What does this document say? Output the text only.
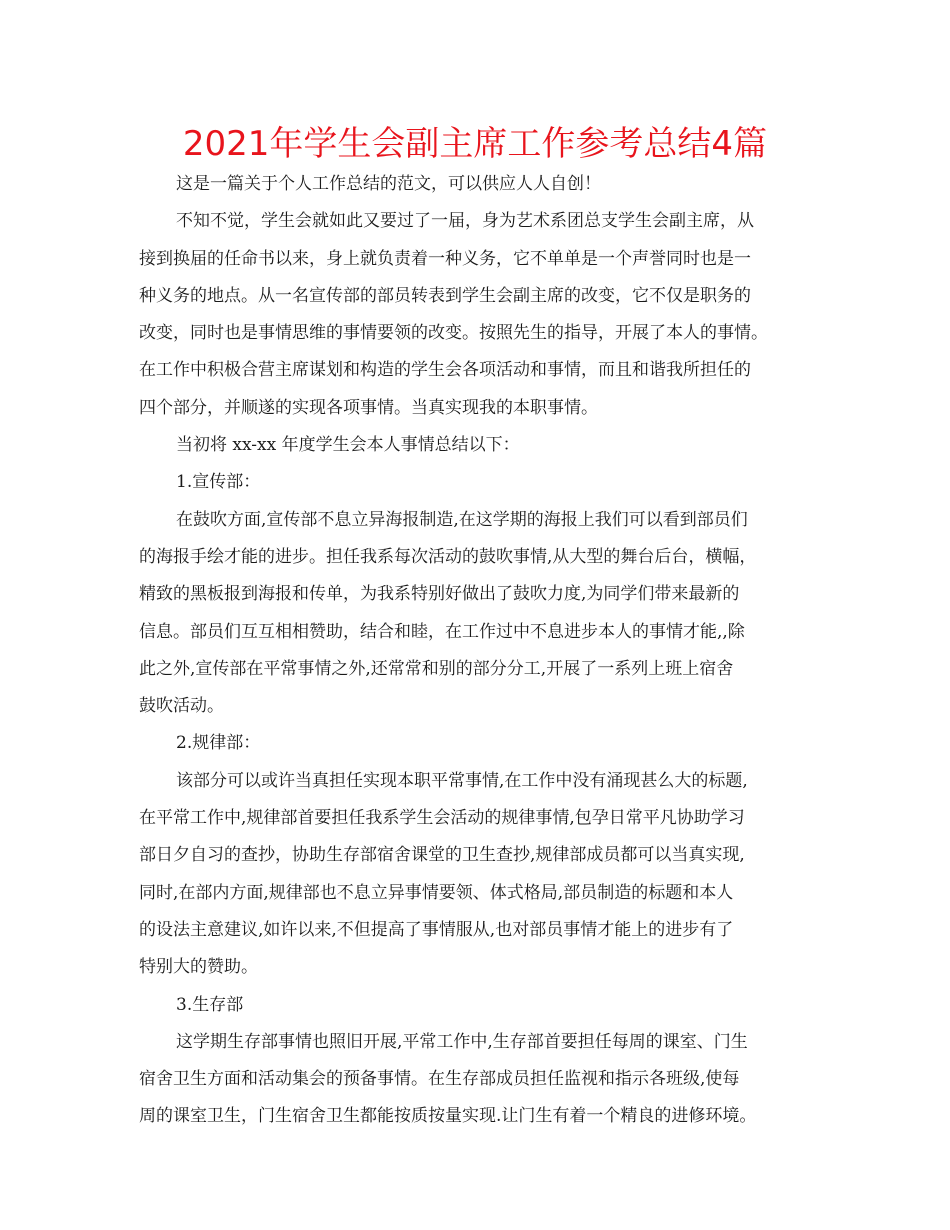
2021年学生会副主席工作参考总结4篇

这是一篇关于个人工作总结的范文，可以供应人人自创！

不知不觉，学生会就如此又要过了一届，身为艺术系团总支学生会副主席，从
接到换届的任命书以来，身上就负责着一种义务，它不单单是一个声誉同时也是一
种义务的地点。从一名宣传部的部员转表到学生会副主席的改变，它不仅是职务的
改变，同时也是事情思维的事情要领的改变。按照先生的指导，开展了本人的事情。
在工作中积极合营主席谋划和构造的学生会各项活动和事情，而且和谐我所担任的
四个部分，并顺遂的实现各项事情。当真实现我的本职事情。

当初将 xx-xx 年度学生会本人事情总结以下：

1.宣传部：

在鼓吹方面,宣传部不息立异海报制造,在这学期的海报上我们可以看到部员们
的海报手绘才能的进步。担任我系每次活动的鼓吹事情,从大型的舞台后台，横幅，
精致的黑板报到海报和传单，为我系特别好做出了鼓吹力度,为同学们带来最新的
信息。部员们互互相相赞助，结合和睦，在工作过中不息进步本人的事情才能,,除
此之外,宣传部在平常事情之外,还常常和别的部分分工,开展了一系列上班上宿舍
鼓吹活动。

2.规律部：

该部分可以或许当真担任实现本职平常事情,在工作中没有涌现甚么大的标题,
在平常工作中,规律部首要担任我系学生会活动的规律事情,包孕日常平凡协助学习
部日夕自习的查抄，协助生存部宿舍课堂的卫生查抄,规律部成员都可以当真实现,
同时,在部内方面,规律部也不息立异事情要领、体式格局,部员制造的标题和本人
的设法主意建议,如许以来,不但提高了事情服从,也对部员事情才能上的进步有了
特别大的赞助。

3.生存部

这学期生存部事情也照旧开展,平常工作中,生存部首要担任每周的课室、门生
宿舍卫生方面和活动集会的预备事情。在生存部成员担任监视和指示各班级,使每
周的课室卫生，门生宿舍卫生都能按质按量实现.让门生有着一个精良的进修环境。
